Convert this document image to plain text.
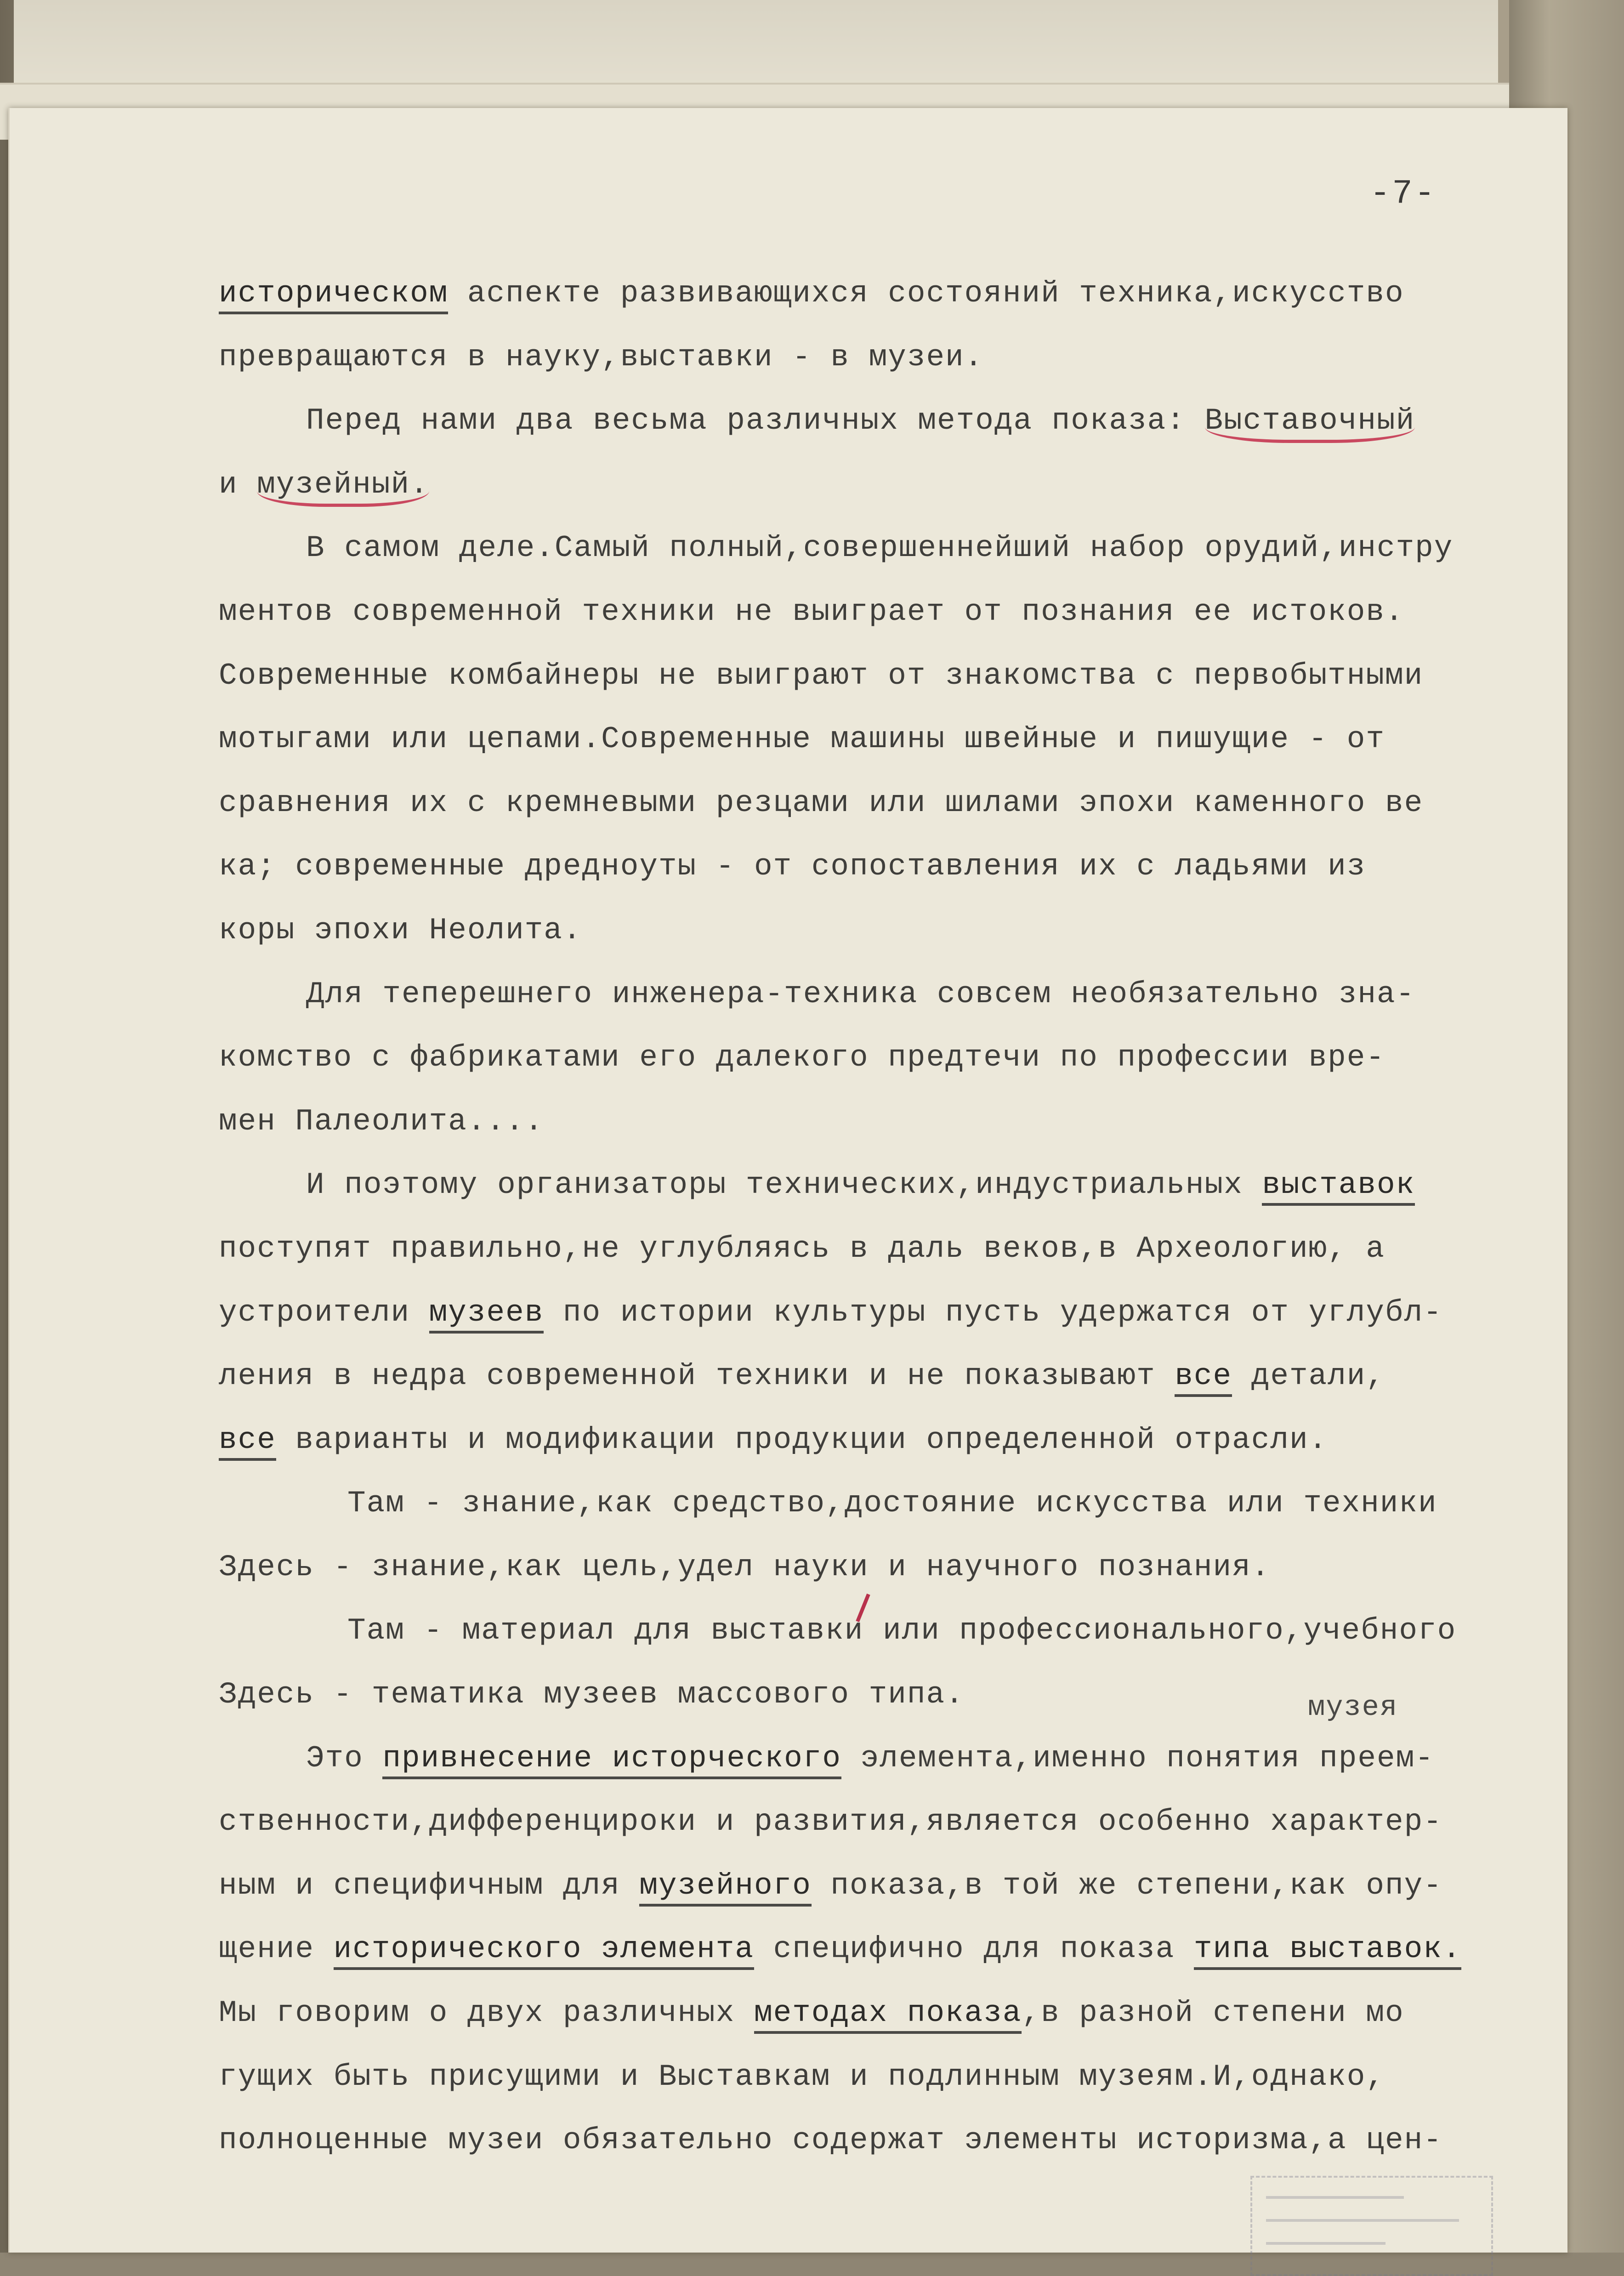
-7-
историческом аспекте развивающихся состояний техника,искусство
превращаются в науку,выставки - в музеи.
Перед нами два весьма различных метода показа: Выставочный
и музейный.
В самом деле.Самый полный,совершеннейший набор орудий,инстру
ментов современной техники не выиграет от познания ее истоков.
Современные комбайнеры не выиграют от знакомства с первобытными
мотыгами или цепами.Современные машины швейные и пишущие - от
сравнения их с кремневыми резцами или шилами эпохи каменного ве
ка; современные дредноуты - от сопоставления их с ладьями из
коры эпохи Неолита.
Для теперешнего инженера-техника совсем необязательно зна-
комство с фабрикатами его далекого предтечи по профессии вре-
мен Палеолита....
И поэтому организаторы технических,индустриальных выставок
поступят правильно,не углубляясь в даль веков,в Археологию, а
устроители музеев по истории культуры пусть удержатся от углубл-
ления в недра современной техники и не показывают все детали,
все варианты и модификации продукции определенной отрасли.
Там - знание,как средство,достояние искусства или техники
Здесь - знание,как цель,удел науки и научного познания.
Там - материал для выставки или профессионального,учебного
Здесь - тематика музеев массового типа.
Это привнесение исторческого элемента,именно понятия преем-
ственности,дифференцироки и развития,является особенно характер-
ным и специфичным для музейного показа,в той же степени,как опу-
щение исторического элемента специфично для показа типа выставок.
Мы говорим о двух различных методах показа,в разной степени мо
гущих быть присущими и Выставкам и подлинным музеям.И,однако,
полноценные музеи обязательно содержат элементы историзма,а цен-
музея
